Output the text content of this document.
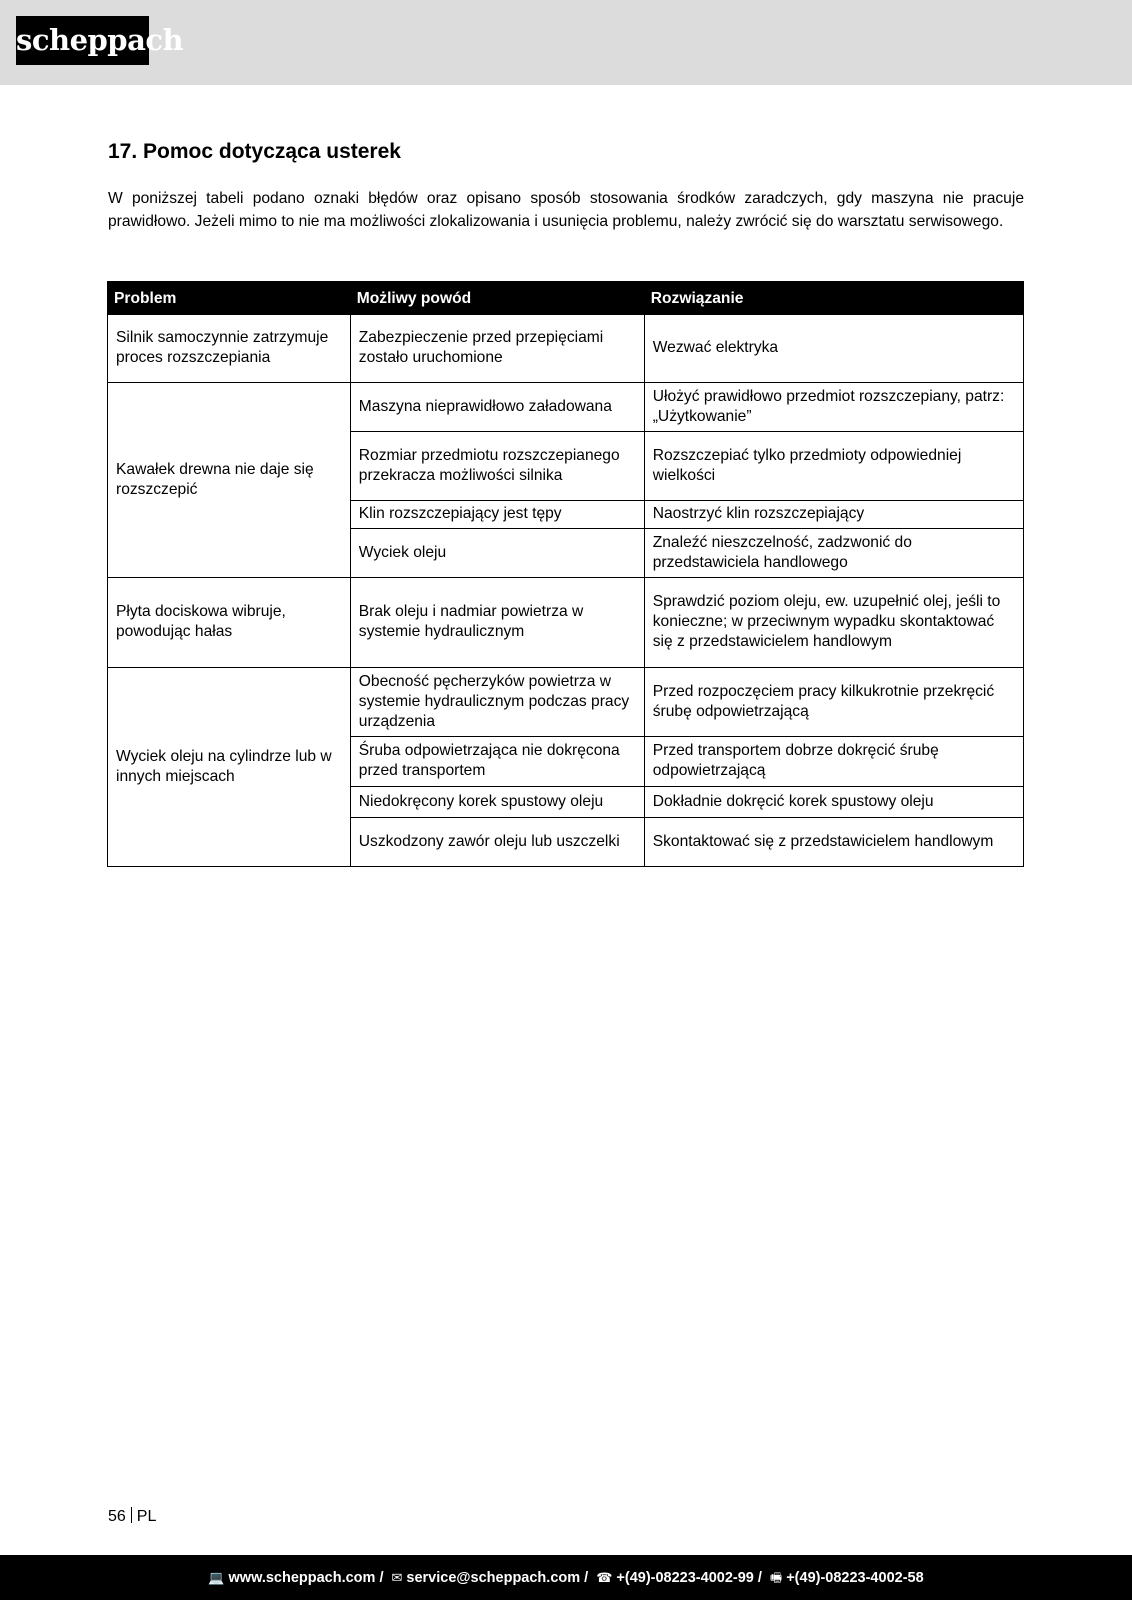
scheppach
17. Pomoc dotycząca usterek

W poniższej tabeli podano oznaki błędów oraz opisano sposób stosowania środków zaradczych, gdy maszyna nie pracuje prawidłowo. Jeżeli mimo to nie ma możliwości zlokalizowania i usunięcia problemu, należy zwrócić się do warsztatu serwisowego.

Problem	Możliwy powód	Rozwiązanie
Silnik samoczynnie zatrzymuje proces rozszczepiania	Zabezpieczenie przed przepięciami zostało uruchomione	Wezwać elektryka
Kawałek drewna nie daje się rozszczepić	Maszyna nieprawidłowo załadowana	Ułożyć prawidłowo przedmiot rozszczepiany, patrz: „Użytkowanie”
	Rozmiar przedmiotu rozszczepianego przekracza możliwości silnika	Rozszczepiać tylko przedmioty odpowiedniej wielkości
	Klin rozszczepiający jest tępy	Naostrzyć klin rozszczepiający
	Wyciek oleju	Znaleźć nieszczelność, zadzwonić do przedstawiciela handlowego
Płyta dociskowa wibruje, powodując hałas	Brak oleju i nadmiar powietrza w systemie hydraulicznym	Sprawdzić poziom oleju, ew. uzupełnić olej, jeśli to konieczne; w przeciwnym wypadku skontaktować się z przedstawicielem handlowym
Wyciek oleju na cylindrze lub w innych miejscach	Obecność pęcherzyków powietrza w systemie hydraulicznym podczas pracy urządzenia	Przed rozpoczęciem pracy kilkukrotnie przekręcić śrubę odpowietrzającą
	Śruba odpowietrzająca nie dokręcona przed transportem	Przed transportem dobrze dokręcić śrubę odpowietrzającą
	Niedokręcony korek spustowy oleju	Dokładnie dokręcić korek spustowy oleju
	Uszkodzony zawór oleju lub uszczelki	Skontaktować się z przedstawicielem handlowym
56 PL
💻 www.scheppach.com / ✉ service@scheppach.com / ☎ +(49)-08223-4002-99 / 🖷 +(49)-08223-4002-58
